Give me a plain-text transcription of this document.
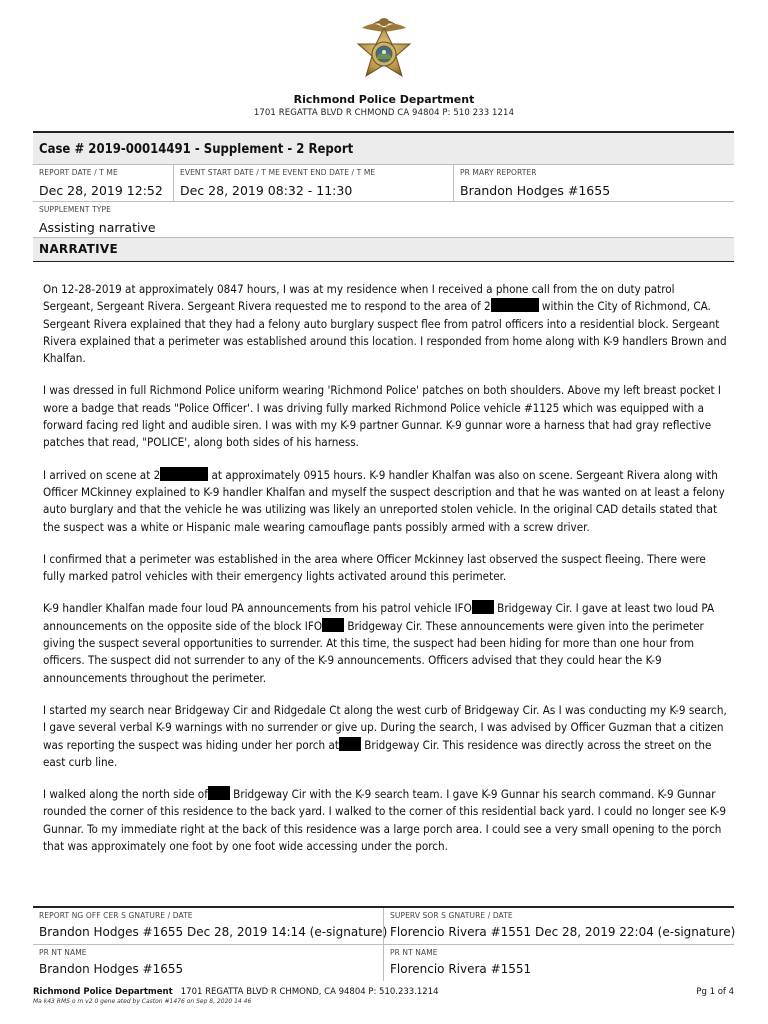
Richmond Police Department
1701 REGATTA BLVD R CHMOND CA 94804 P: 510 233 1214
Case # 2019-00014491 - Supplement - 2 Report
REPORT DATE / T ME
Dec 28, 2019 12:52
EVENT START DATE / T ME EVENT END DATE / T ME
Dec 28, 2019 08:32 - 11:30
PR MARY REPORTER
Brandon Hodges #1655
SUPPLEMENT TYPE
Assisting narrative
NARRATIVE

On 12-28-2019 at approximately 0847 hours, I was at my residence when I received a phone call from the on duty patrol Sergeant, Sergeant Rivera. Sergeant Rivera requested me to respond to the area of 2	within the City of Richmond, CA. Sergeant Rivera explained that they had a felony auto burglary suspect flee from patrol officers into a residential block. Sergeant Rivera explained that a perimeter was established around this location. I responded from home along with K-9 handlers Brown and Khalfan.

I was dressed in full Richmond Police uniform wearing 'Richmond Police' patches on both shoulders. Above my left breast pocket I wore a badge that reads "Police Officer'. I was driving fully marked Richmond Police vehicle #1125 which was equipped with a forward facing red light and audible siren. I was with my K-9 partner Gunnar. K-9 gunnar wore a harness that had gray reflective patches that read, "POLICE', along both sides of his harness.

I arrived on scene at 2	at approximately 0915 hours. K-9 handler Khalfan was also on scene. Sergeant Rivera along with Officer MCkinney explained to K-9 handler Khalfan and myself the suspect description and that he was wanted on at least a felony auto burglary and that the vehicle he was utilizing was likely an unreported stolen vehicle. In the original CAD details stated that the suspect was a white or Hispanic male wearing camouflage pants possibly armed with a screw driver.

I confirmed that a perimeter was established in the area where Officer Mckinney last observed the suspect fleeing. There were fully marked patrol vehicles with their emergency lights activated around this perimeter.

K-9 handler Khalfan made four loud PA announcements from his patrol vehicle IFO Bridgeway Cir. I gave at least two loud PA announcements on the opposite side of the block IFO Bridgeway Cir. These announcements were given into the perimeter giving the suspect several opportunities to surrender. At this time, the suspect had been hiding for more than one hour from officers. The suspect did not surrender to any of the K-9 announcements. Officers advised that they could hear the K-9 announcements throughout the perimeter.

I started my search near Bridgeway Cir and Ridgedale Ct along the west curb of Bridgeway Cir. As I was conducting my K-9 search, I gave several verbal K-9 warnings with no surrender or give up. During the search, I was advised by Officer Guzman that a citizen was reporting the suspect was hiding under her porch at Bridgeway Cir. This residence was directly across the street on the east curb line.

I walked along the north side of Bridgeway Cir with the K-9 search team. I gave K-9 Gunnar his search command. K-9 Gunnar rounded the corner of this residence to the back yard. I walked to the corner of this residential back yard. I could no longer see K-9 Gunnar. To my immediate right at the back of this residence was a large porch area. I could see a very small opening to the porch that was approximately one foot by one foot wide accessing under the porch.

REPORT NG OFF CER S GNATURE / DATE
Brandon Hodges #1655 Dec 28, 2019 14:14 (e-signature)
SUPERV SOR S GNATURE / DATE
Florencio Rivera #1551 Dec 28, 2019 22:04 (e-signature)
PR NT NAME
Brandon Hodges #1655
PR NT NAME
Florencio Rivera #1551
Richmond Police Department 1701 REGATTA BLVD R CHMOND, CA 94804 P: 510.233.1214
Ma k43 RMS o m v2 0 gene ated by Caston #1476 on Sep 8, 2020 14 46
Pg 1 of 4
